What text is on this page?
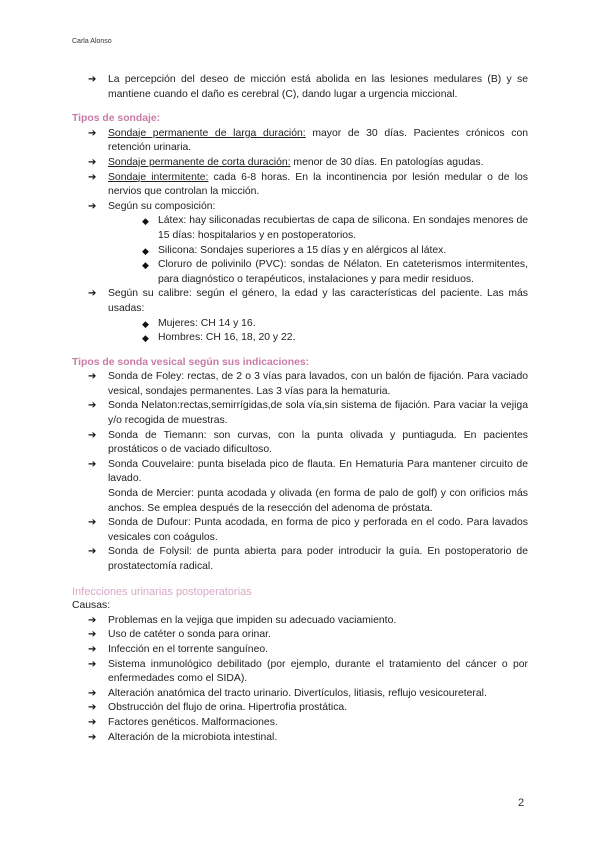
Carla Alonso
➔	La percepción del deseo de micción está abolida en las lesiones medulares (B) y se mantiene cuando el daño es cerebral (C), dando lugar a urgencia miccional.
Tipos de sondaje:
➔	Sondaje permanente de larga duración: mayor de 30 días. Pacientes crónicos con retención urinaria.
➔	Sondaje permanente de corta duración: menor de 30 días. En patologías agudas.
➔	Sondaje intermitente: cada 6-8 horas. En la incontinencia por lesión medular o de los nervios que controlan la micción.
➔	Según su composición:
◆ Látex: hay siliconadas recubiertas de capa de silicona. En sondajes menores de 15 días: hospitalarios y en postoperatorios.
◆ Silicona: Sondajes superiores a 15 días y en alérgicos al látex.
◆ Cloruro de polivinilo (PVC): sondas de Nélaton. En cateterismos intermitentes, para diagnóstico o terapéuticos, instalaciones y para medir residuos.
➔	Según su calibre: según el género, la edad y las características del paciente. Las más usadas:
◆ Mujeres: CH 14 y 16.
◆ Hombres: CH 16, 18, 20 y 22.
Tipos de sonda vesical según sus indicaciones:
➔	Sonda de Foley: rectas, de 2 o 3 vías para lavados, con un balón de fijación. Para vaciado vesical, sondajes permanentes. Las 3 vías para la hematuria.
➔	Sonda Nelaton:rectas,semirrígidas,de sola vía,sin sistema de fijación. Para vaciar la vejiga y/o recogida de muestras.
➔	Sonda de Tiemann: son curvas, con la punta olivada y puntiaguda. En pacientes prostáticos o de vaciado dificultoso.
➔	Sonda Couvelaire: punta biselada pico de flauta. En Hematuria Para mantener circuito de lavado.
Sonda de Mercier: punta acodada y olivada (en forma de palo de golf) y con orificios más anchos. Se emplea después de la resección del adenoma de próstata.
➔	Sonda de Dufour: Punta acodada, en forma de pico y perforada en el codo. Para lavados vesicales con coágulos.
➔	Sonda de Folysil: de punta abierta para poder introducir la guía. En postoperatorio de prostatectomía radical.
Infecciones urinarias postoperatorias
Causas:
➔	Problemas en la vejiga que impiden su adecuado vaciamiento.
➔	Uso de catéter o sonda para orinar.
➔	Infección en el torrente sanguíneo.
➔	Sistema inmunológico debilitado (por ejemplo, durante el tratamiento del cáncer o por enfermedades como el SIDA).
➔	Alteración anatómica del tracto urinario. Divertículos, litiasis, reflujo vesicoureteral.
➔	Obstrucción del flujo de orina. Hipertrofia prostática.
➔	Factores genéticos. Malformaciones.
➔	Alteración de la microbiota intestinal.
2
